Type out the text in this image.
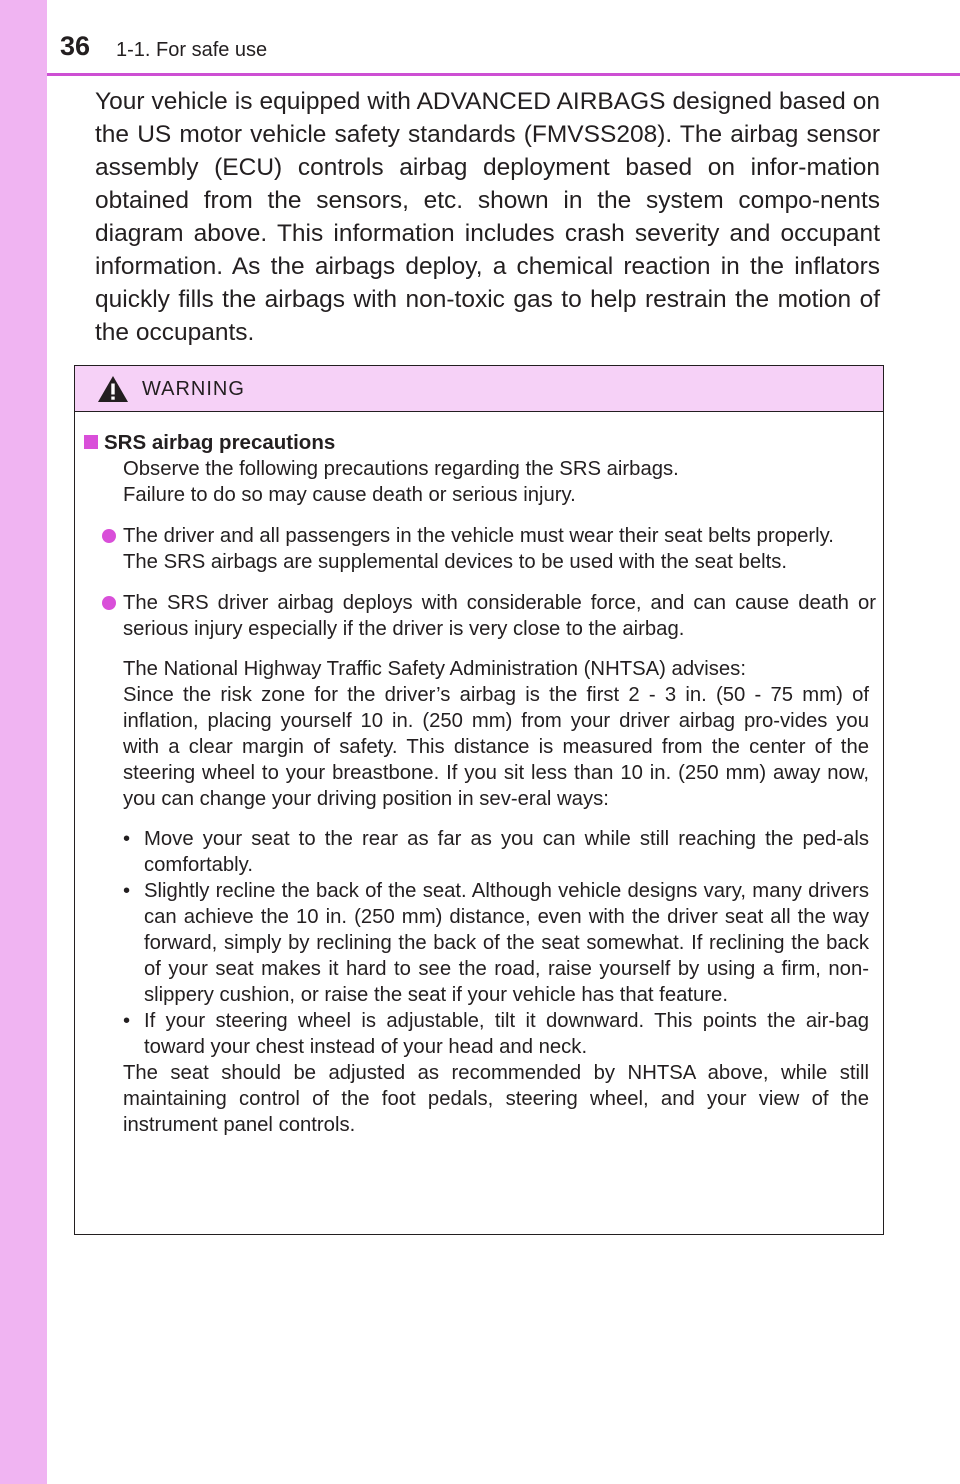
36 1-1. For safe use

Your vehicle is equipped with ADVANCED AIRBAGS designed based on the US motor vehicle safety standards (FMVSS208). The airbag sensor assembly (ECU) controls airbag deployment based on infor-mation obtained from the sensors, etc. shown in the system compo-nents diagram above. This information includes crash severity and occupant information. As the airbags deploy, a chemical reaction in the inflators quickly fills the airbags with non-toxic gas to help restrain the motion of the occupants.

WARNING
SRS airbag precautions

Observe the following precautions regarding the SRS airbags.

Failure to do so may cause death or serious injury.

The driver and all passengers in the vehicle must wear their seat belts properly.

The SRS airbags are supplemental devices to be used with the seat belts.

The SRS driver airbag deploys with considerable force, and can cause death or serious injury especially if the driver is very close to the airbag.

The National Highway Traffic Safety Administration (NHTSA) advises:

Since the risk zone for the driver’s airbag is the first 2 - 3 in. (50 - 75 mm) of inflation, placing yourself 10 in. (250 mm) from your driver airbag pro-vides you with a clear margin of safety. This distance is measured from the center of the steering wheel to your breastbone. If you sit less than 10 in. (250 mm) away now, you can change your driving position in sev-eral ways:

• Move your seat to the rear as far as you can while still reaching the ped-als comfortably.

• Slightly recline the back of the seat. Although vehicle designs vary, many drivers can achieve the 10 in. (250 mm) distance, even with the driver seat all the way forward, simply by reclining the back of the seat somewhat. If reclining the back of your seat makes it hard to see the road, raise yourself by using a firm, non-slippery cushion, or raise the seat if your vehicle has that feature.

• If your steering wheel is adjustable, tilt it downward. This points the air-bag toward your chest instead of your head and neck.

The seat should be adjusted as recommended by NHTSA above, while still maintaining control of the foot pedals, steering wheel, and your view of the instrument panel controls.
